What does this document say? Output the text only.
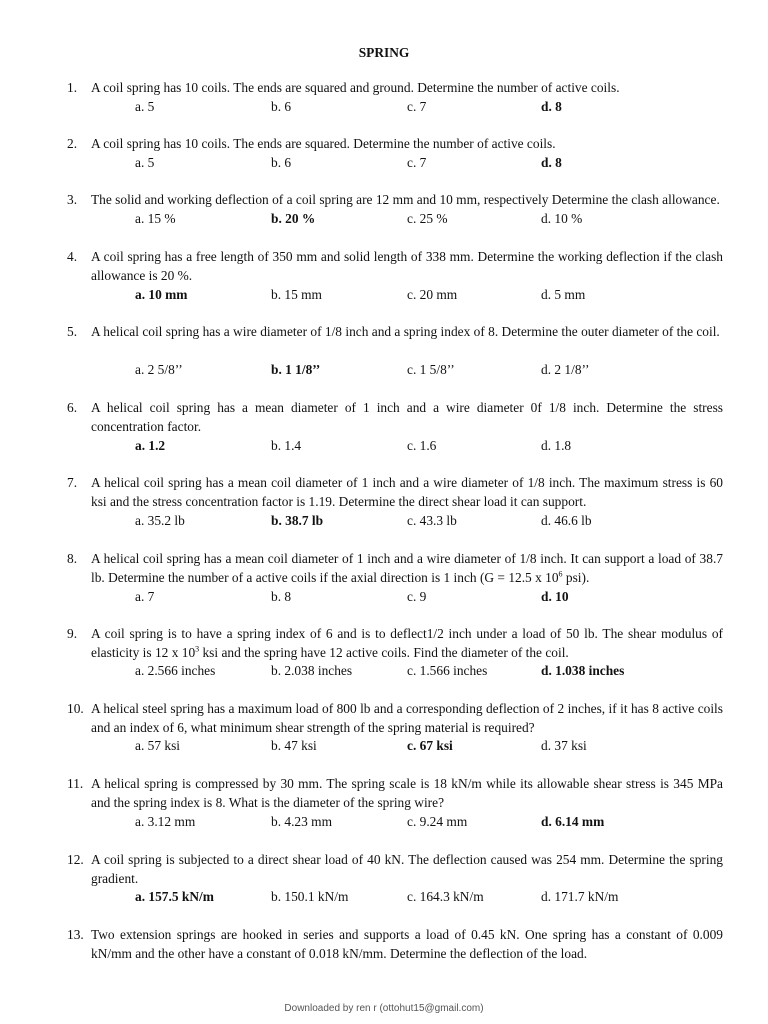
SPRING
1. A coil spring has 10 coils. The ends are squared and ground. Determine the number of active coils.
a. 5	b. 6	c. 7	d. 8
2. A coil spring has 10 coils. The ends are squared. Determine the number of active coils.
a. 5	b. 6	c. 7	d. 8
3. The solid and working deflection of a coil spring are 12 mm and 10 mm, respectively Determine the clash allowance.
a. 15 %	b. 20 %	c. 25 %	d. 10 %
4. A coil spring has a free length of 350 mm and solid length of 338 mm. Determine the working deflection if the clash allowance is 20 %.
a. 10 mm	b. 15 mm	c. 20 mm	d. 5 mm
5. A helical coil spring has a wire diameter of 1/8 inch and a spring index of 8. Determine the outer diameter of the coil.
a. 2 5/8’’	b. 1 1/8’’	c. 1 5/8’’	d. 2 1/8’’
6. A helical coil spring has a mean diameter of 1 inch and a wire diameter 0f 1/8 inch. Determine the stress concentration factor.
a. 1.2	b. 1.4	c. 1.6	d. 1.8
7. A helical coil spring has a mean coil diameter of 1 inch and a wire diameter of 1/8 inch. The maximum stress is 60 ksi and the stress concentration factor is 1.19. Determine the direct shear load it can support.
a. 35.2 lb	b. 38.7 lb	c. 43.3 lb	d. 46.6 lb
8. A helical coil spring has a mean coil diameter of 1 inch and a wire diameter of 1/8 inch. It can support a load of 38.7 lb. Determine the number of a active coils if the axial direction is 1 inch (G = 12.5 x $10^6$ psi).
a. 7	b. 8	c. 9	d. 10
9. A coil spring is to have a spring index of 6 and is to deflect1/2 inch under a load of 50 lb. The shear modulus of elasticity is 12 x $10^3$ ksi and the spring have 12 active coils. Find the diameter of the coil.
a. 2.566 inches	b. 2.038 inches	c. 1.566 inches	d. 1.038 inches
10. A helical steel spring has a maximum load of 800 lb and a corresponding deflection of 2 inches, if it has 8 active coils and an index of 6, what minimum shear strength of the spring material is required?
a. 57 ksi	b. 47 ksi	c. 67 ksi	d. 37 ksi
11. A helical spring is compressed by 30 mm. The spring scale is 18 kN/m while its allowable shear stress is 345 MPa and the spring index is 8. What is the diameter of the spring wire?
a. 3.12 mm	b. 4.23 mm	c. 9.24 mm	d. 6.14 mm
12. A coil spring is subjected to a direct shear load of 40 kN. The deflection caused was 254 mm. Determine the spring gradient.
a. 157.5 kN/m	b. 150.1 kN/m	c. 164.3 kN/m	d. 171.7 kN/m
13. Two extension springs are hooked in series and supports a load of 0.45 kN. One spring has a constant of 0.009 kN/mm and the other have a constant of 0.018 kN/mm. Determine the deflection of the load.
Downloaded by ren r (ottohut15@gmail.com)
